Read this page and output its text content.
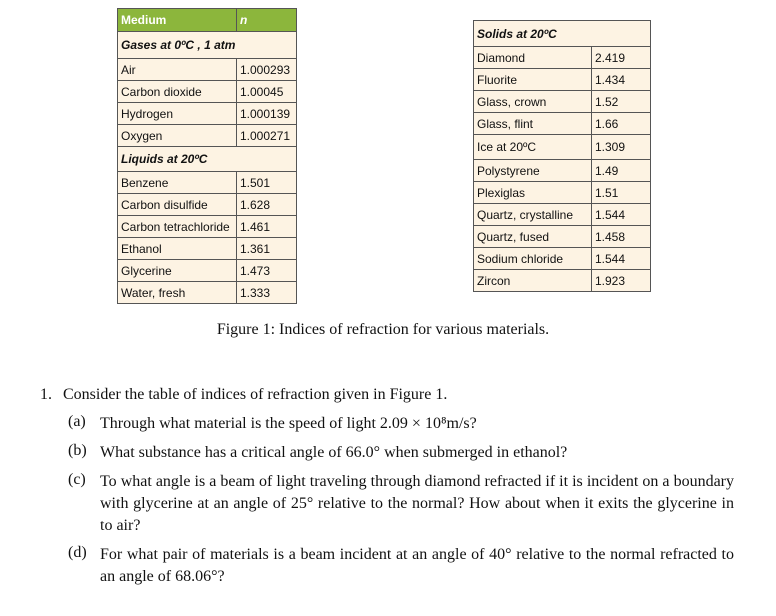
Medium	n
Gases at 0ºC , 1 atm	
Air	1.000293
Carbon dioxide	1.00045
Hydrogen	1.000139
Oxygen	1.000271
Liquids at 20ºC	
Benzene	1.501
Carbon disulfide	1.628
Carbon tetrachloride	1.461
Ethanol	1.361
Glycerine	1.473
Water, fresh	1.333
Solids at 20ºC	
Diamond	2.419
Fluorite	1.434
Glass, crown	1.52
Glass, flint	1.66
Ice at 20ºC	1.309
Polystyrene	1.49
Plexiglas	1.51
Quartz, crystalline	1.544
Quartz, fused	1.458
Sodium chloride	1.544
Zircon	1.923
Figure 1: Indices of refraction for various materials.
1. Consider the table of indices of refraction given in Figure 1.
(a) Through what material is the speed of light 2.09 × 10⁸m/s?
(b) What substance has a critical angle of 66.0° when submerged in ethanol?
(c) To what angle is a beam of light traveling through diamond refracted if it is incident on a boundary with glycerine at an angle of 25° relative to the normal? How about when it exits the glycerine in to air?
(d) For what pair of materials is a beam incident at an angle of 40° relative to the normal refracted to an angle of 68.06°?
